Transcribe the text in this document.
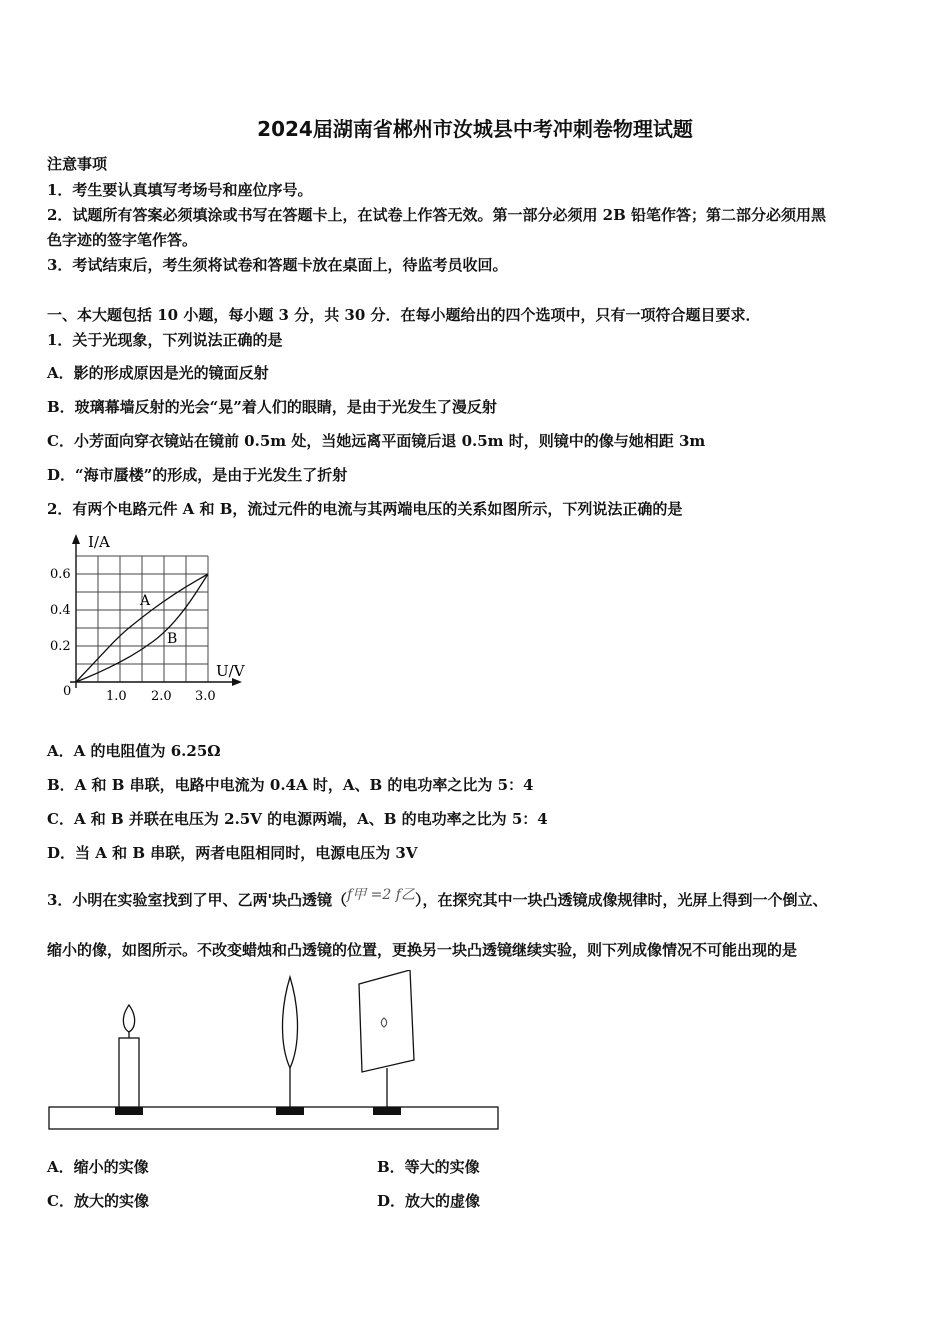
2024届湖南省郴州市汝城县中考冲刺卷物理试题
注意事项
1．考生要认真填写考场号和座位序号。
2．试题所有答案必须填涂或书写在答题卡上，在试卷上作答无效。第一部分必须用 2B 铅笔作答；第二部分必须用黑
色字迹的签字笔作答。
3．考试结束后，考生须将试卷和答题卡放在桌面上，待监考员收回。
一、本大题包括 10 小题，每小题 3 分，共 30 分．在每小题给出的四个选项中，只有一项符合题目要求．
1．关于光现象，下列说法正确的是
A．影的形成原因是光的镜面反射
B．玻璃幕墙反射的光会“晃”着人们的眼睛，是由于光发生了漫反射
C．小芳面向穿衣镜站在镜前 0.5m 处，当她远离平面镜后退 0.5m 时，则镜中的像与她相距 3m
D．“海市蜃楼”的形成，是由于光发生了折射
2．有两个电路元件 A 和 B，流过元件的电流与其两端电压的关系如图所示，下列说法正确的是
A
B
I/A
U/V
0
0.6
0.4
0.2
1.0 2.0 3.0
A．A 的电阻值为 6.25Ω
B．A 和 B 串联，电路中电流为 0.4A 时，A、B 的电功率之比为 5：4
C．A 和 B 并联在电压为 2.5V 的电源两端，A、B 的电功率之比为 5：4
D．当 A 和 B 串联，两者电阻相同时，电源电压为 3V
3．小明在实验室找到了甲、乙两'块凸透镜（f甲 =2 f乙），在探究其中一块凸透镜成像规律时，光屏上得到一个倒立、
缩小的像，如图所示。不改变蜡烛和凸透镜的位置，更换另一块凸透镜继续实验，则下列成像情况不可能出现的是
A．缩小的实像	B．等大的实像
C．放大的实像	D．放大的虚像
